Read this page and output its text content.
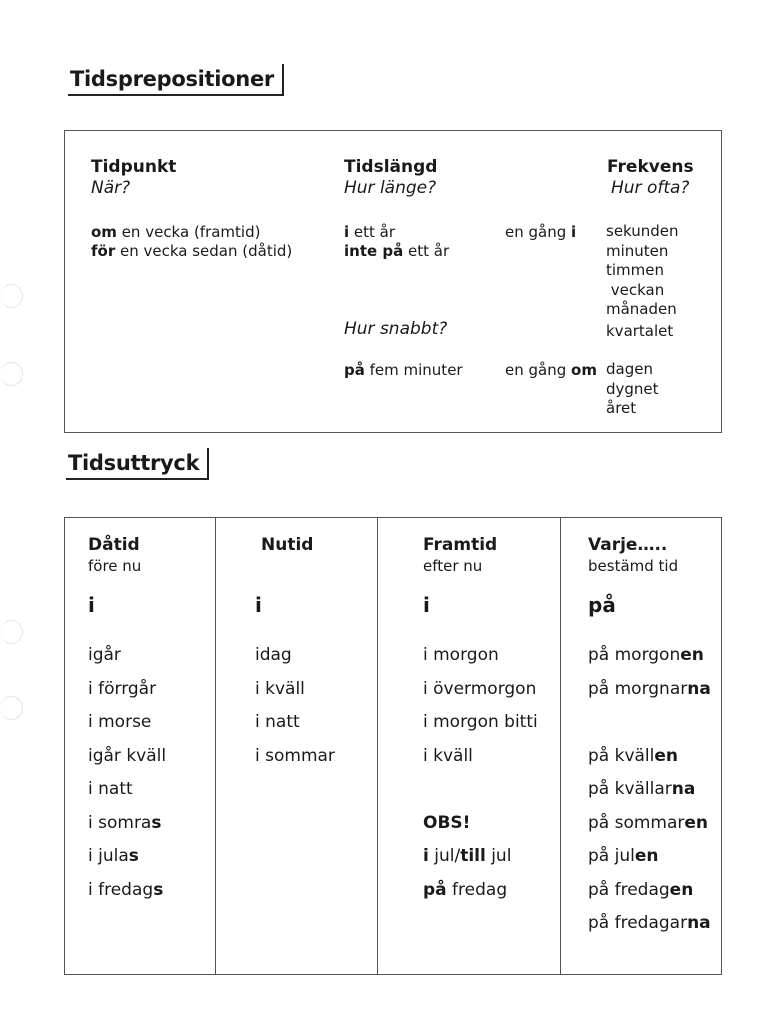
Tidsprepositioner
Tidpunkt
När?
om en vecka (framtid)
för en vecka sedan (dåtid)
Tidslängd
Hur länge?
i ett år
inte på ett år
Hur snabbt?
på fem minuter
en gång i
en gång om
Frekvens
Hur ofta?
sekunden
minuten
timmen
veckan
månaden
kvartalet
dagen
dygnet
året
Tidsuttryck
Dåtid
före nu
i
igår
i förrgår
i morse
igår kväll
i natt
i somras
i julas
i fredags
Nutid
i
idag
i kväll
i natt
i sommar
Framtid
efter nu
i
i morgon
i övermorgon
i morgon bitti
i kväll

OBS!
i jul/till jul
på fredag
Varje…..
bestämd tid
på
på morgonen
på morgnarna

på kvällen
på kvällarna
på sommaren
på julen
på fredagen
på fredagarna
